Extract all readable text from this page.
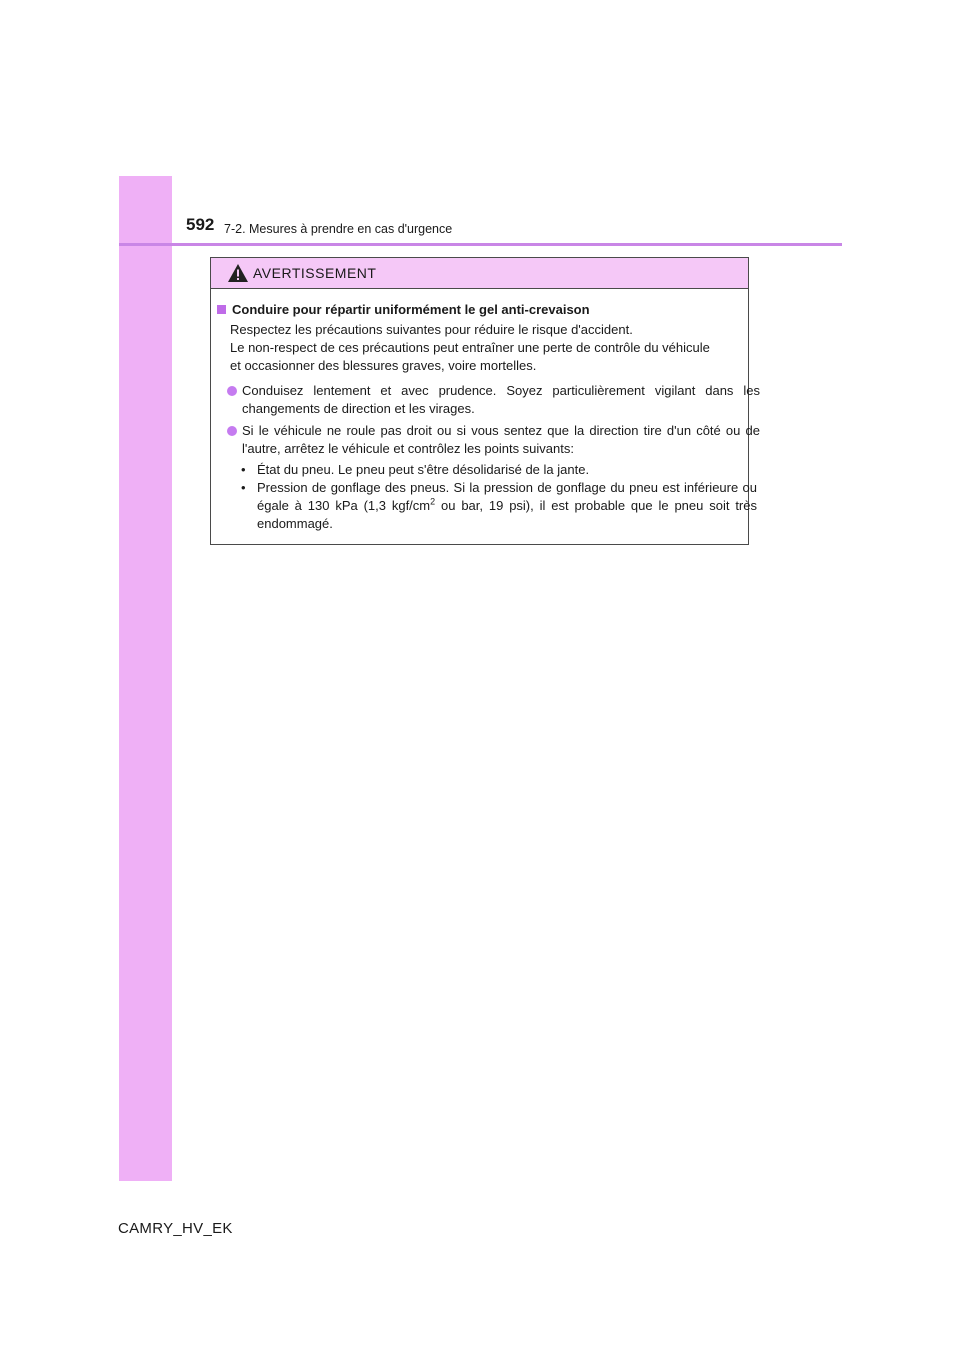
592 7-2. Mesures à prendre en cas d'urgence
AVERTISSEMENT
Conduire pour répartir uniformément le gel anti-crevaison
Respectez les précautions suivantes pour réduire le risque d'accident.
Le non-respect de ces précautions peut entraîner une perte de contrôle du véhicule
et occasionner des blessures graves, voire mortelles.
Conduisez lentement et avec prudence. Soyez particulièrement vigilant dans les changements de direction et les virages.
Si le véhicule ne roule pas droit ou si vous sentez que la direction tire d'un côté ou de l'autre, arrêtez le véhicule et contrôlez les points suivants:
• État du pneu. Le pneu peut s'être désolidarisé de la jante.
• Pression de gonflage des pneus. Si la pression de gonflage du pneu est inférieure ou égale à 130 kPa (1,3 kgf/$cm^2$ ou bar, 19 psi), il est probable que le pneu soit très endommagé.
CAMRY_HV_EK
